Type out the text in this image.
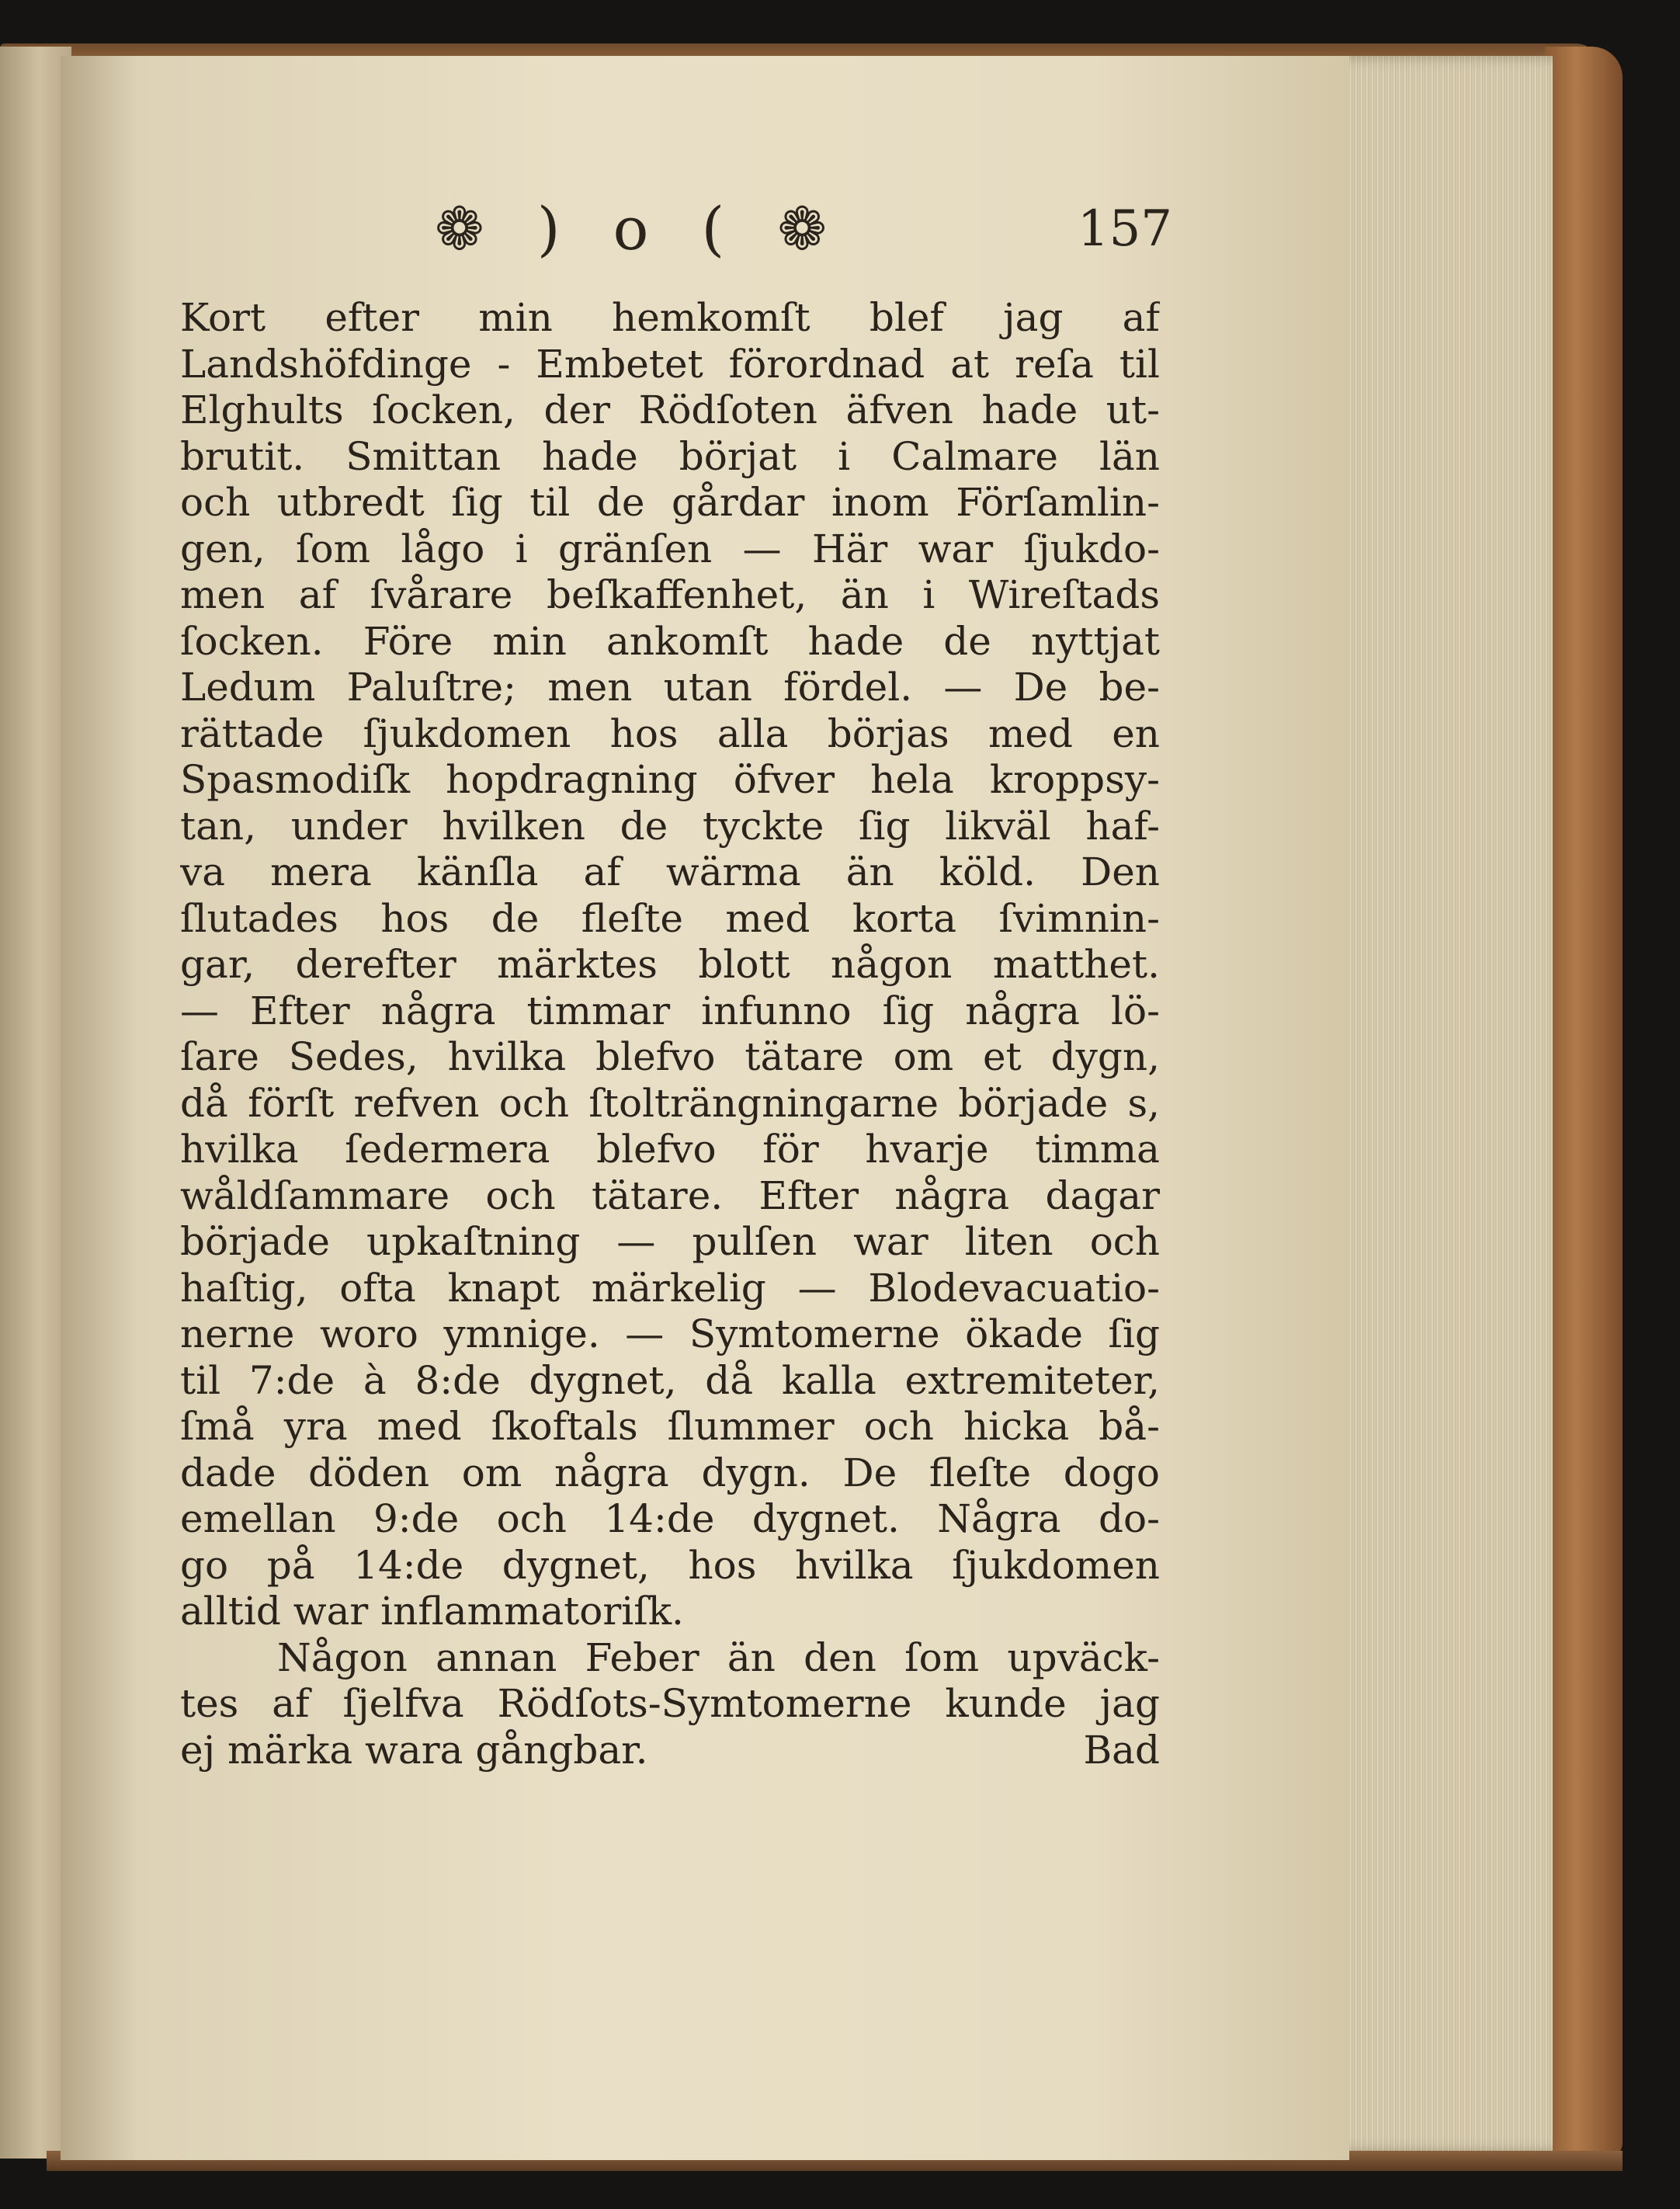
❁ ) o ( ❁	157
Kort efter min hemkomſt blef jag af
Landshöfdinge - Embetet förordnad at reſa til
Elghults ſocken, der Rödſoten äfven hade ut-
brutit. Smittan hade börjat i Calmare län
och utbredt ſig til de gårdar inom Förſamlin-
gen, ſom lågo i gränſen — Här war ſjukdo-
men af ſvårare beſkaffenhet, än i Wireſtads
ſocken. Före min ankomſt hade de nyttjat
Ledum Paluſtre; men utan fördel. — De be-
rättade ſjukdomen hos alla börjas med en
Spasmodiſk hopdragning öfver hela kroppsy-
tan, under hvilken de tyckte ſig likväl haf-
va mera känſla af wärma än köld. Den
ſlutades hos de fleſte med korta ſvimnin-
gar, derefter märktes blott någon matthet.
— Efter några timmar infunno ſig några lö-
ſare Sedes, hvilka blefvo tätare om et dygn,
då förſt refven och ſtolträngningarne började s,
hvilka ſedermera blefvo för hvarje timma
wåldſammare och tätare. Efter några dagar
började upkaſtning — pulſen war liten och
haſtig, ofta knapt märkelig — Blodevacuatio-
nerne woro ymnige. — Symtomerne ökade ſig
til 7:de à 8:de dygnet, då kalla extremiteter,
ſmå yra med ſkoftals ſlummer och hicka bå-
dade döden om några dygn. De fleſte dogo
emellan 9:de och 14:de dygnet. Några do-
go på 14:de dygnet, hos hvilka ſjukdomen
alltid war inflammatoriſk.
Någon annan Feber än den ſom upväck-
tes af ſjelfva Rödſots-Symtomerne kunde jag
ej märka wara gångbar.	Bad
